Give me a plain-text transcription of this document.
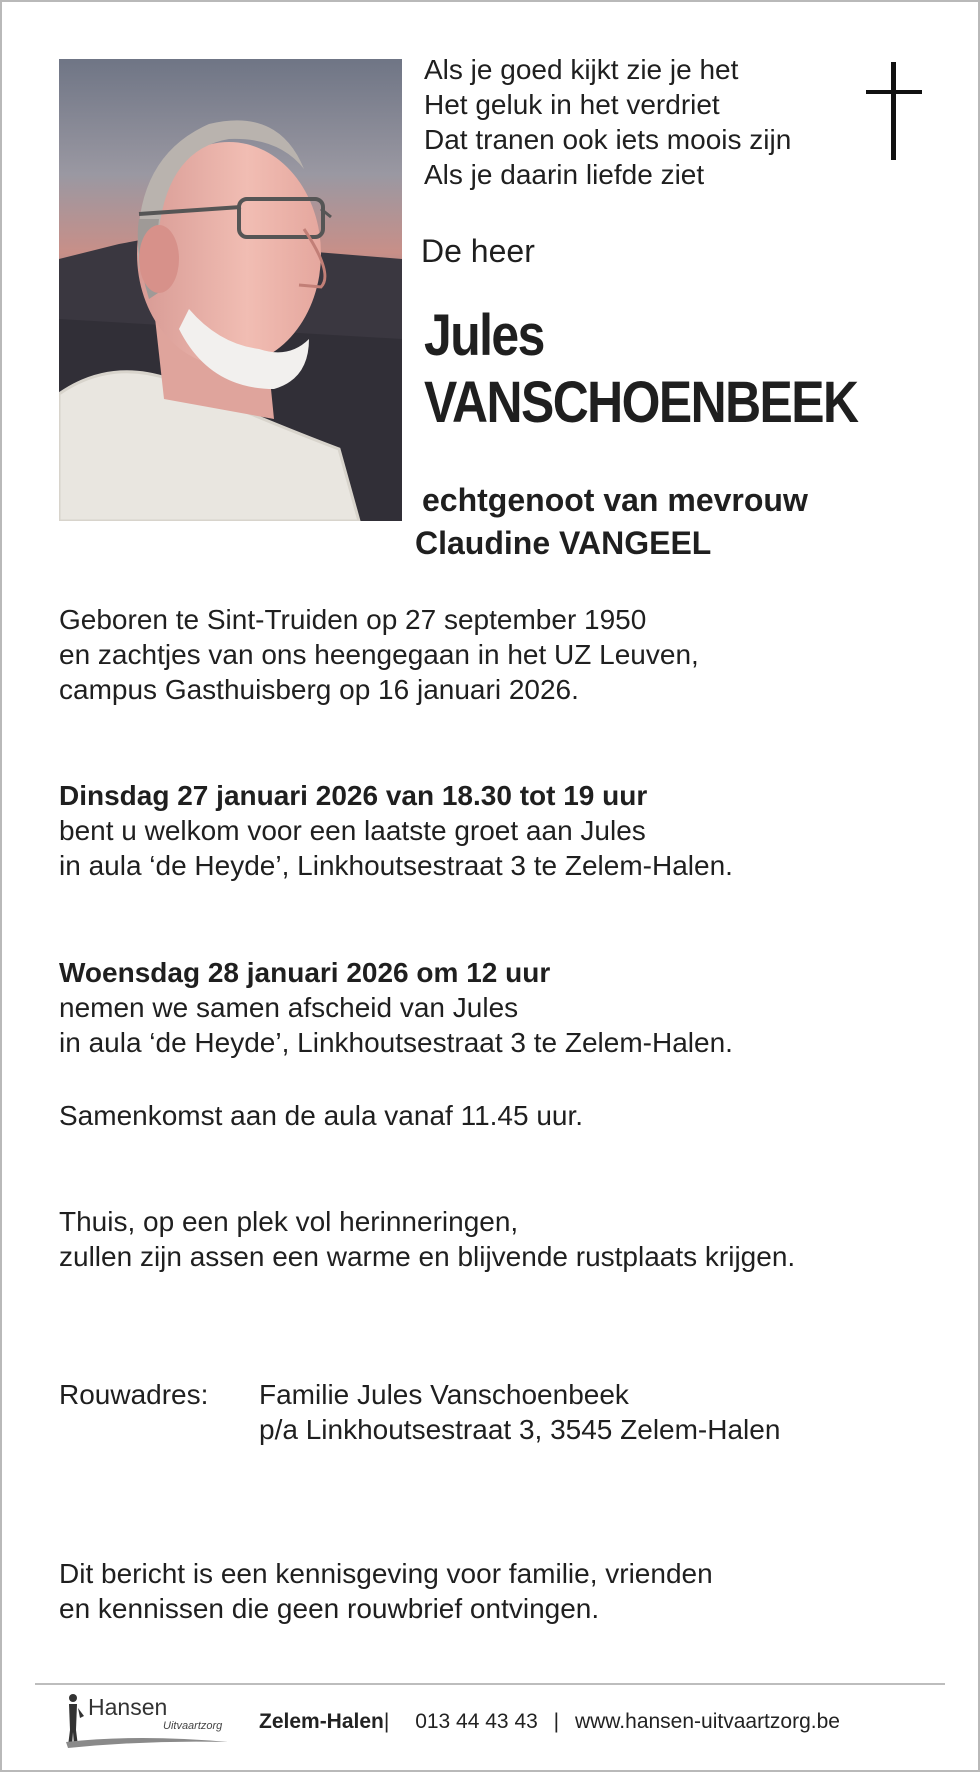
Als je goed kijkt zie je het
Het geluk in het verdriet
Dat tranen ook iets moois zijn
Als je daarin liefde ziet
De heer
Jules
VANSCHOENBEEK
echtgenoot van mevrouw
Claudine VANGEEL
Geboren te Sint-Truiden op 27 september 1950
en zachtjes van ons heengegaan in het UZ Leuven,
campus Gasthuisberg op 16 januari 2026.
Dinsdag 27 januari 2026 van 18.30 tot 19 uur
bent u welkom voor een laatste groet aan Jules
in aula ‘de Heyde’, Linkhoutsestraat 3 te Zelem-Halen.
Woensdag 28 januari 2026 om 12 uur
nemen we samen afscheid van Jules
in aula ‘de Heyde’, Linkhoutsestraat 3 te Zelem-Halen.
Samenkomst aan de aula vanaf 11.45 uur.
Thuis, op een plek vol herinneringen,
zullen zijn assen een warme en blijvende rustplaats krijgen.
Rouwadres: Familie Jules Vanschoenbeek
p/a Linkhoutsestraat 3, 3545 Zelem-Halen
Dit bericht is een kennisgeving voor familie, vrienden
en kennissen die geen rouwbrief ontvingen.
Hansen
Uitvaartzorg Zelem-Halen| 013 44 43 43 | www.hansen-uitvaartzorg.be
